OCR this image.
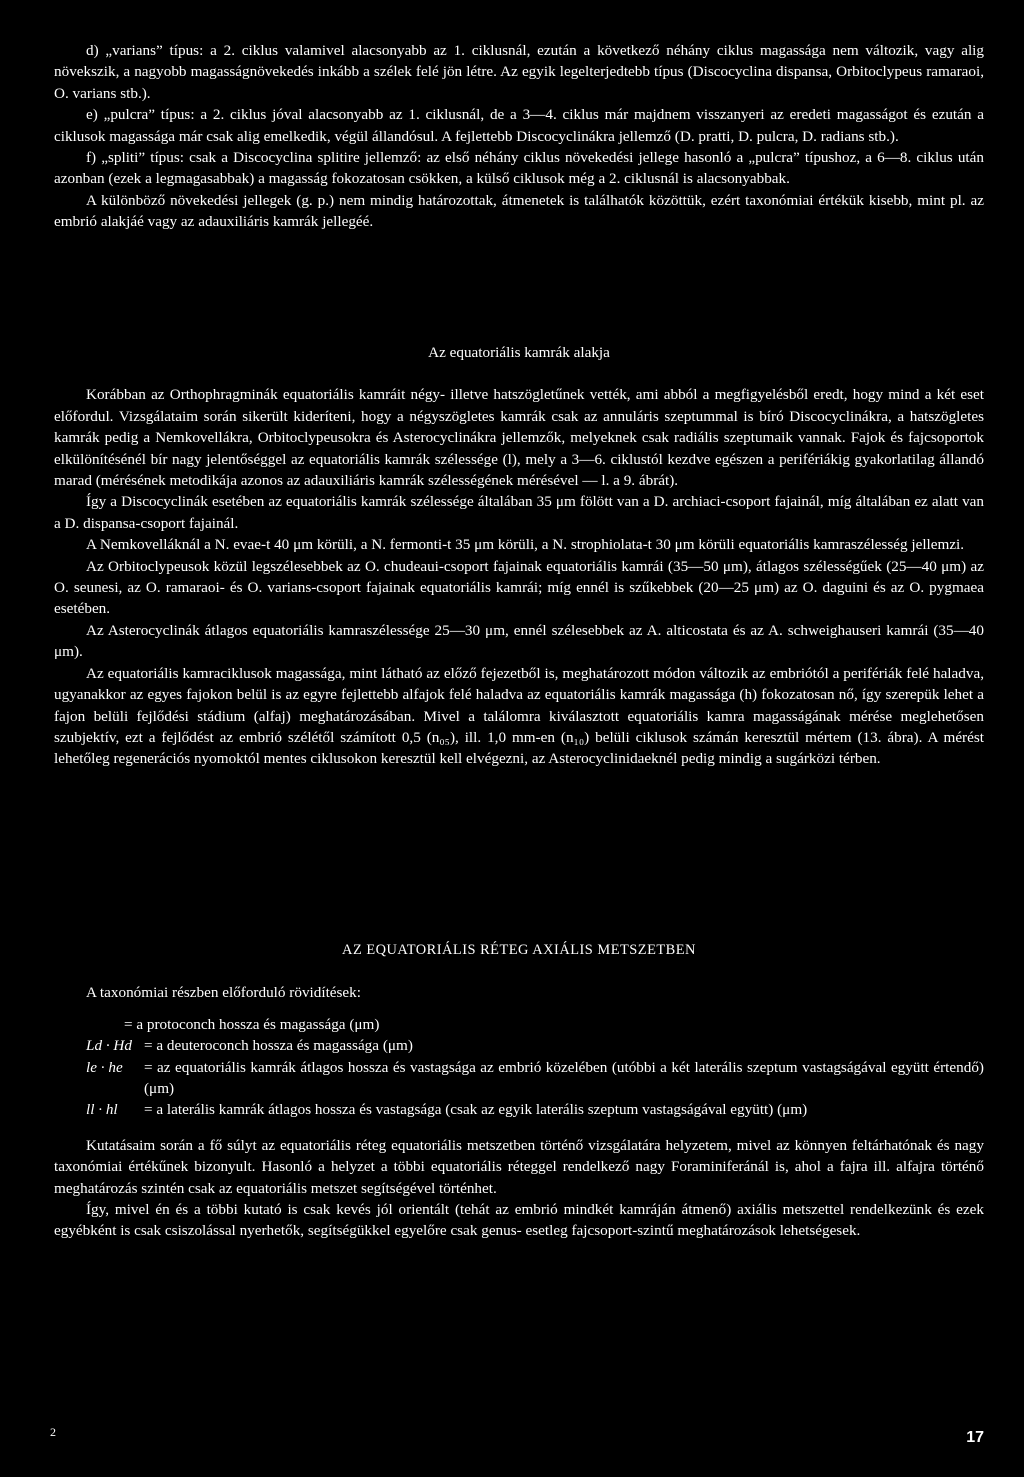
d) „varians” típus: a 2. ciklus valamivel alacsonyabb az 1. ciklusnál, ezután a következő néhány ciklus magassága nem változik, vagy alig növekszik, a nagyobb magasságnövekedés inkább a szélek felé jön létre. Az egyik legelterjedtebb típus (Discocyclina dispansa, Orbitoclypeus ramaraoi, O. varians stb.).

e) „pulcra” típus: a 2. ciklus jóval alacsonyabb az 1. ciklusnál, de a 3—4. ciklus már majdnem visszanyeri az eredeti magasságot és ezután a ciklusok magassága már csak alig emelkedik, végül állandósul. A fejlettebb Discocyclinákra jellemző (D. pratti, D. pulcra, D. radians stb.).

f) „spliti” típus: csak a Discocyclina splitire jellemző: az első néhány ciklus növekedési jellege hasonló a „pulcra” típushoz, a 6—8. ciklus után azonban (ezek a legmagasabbak) a magasság fokozatosan csökken, a külső ciklusok még a 2. ciklusnál is alacsonyabbak.

A különböző növekedési jellegek (g. p.) nem mindig határozottak, átmenetek is találhatók közöttük, ezért taxonómiai értékük kisebb, mint pl. az embrió alakjáé vagy az adauxiliáris kamrák jellegéé.

Az equatoriális kamrák alakja

Korábban az Orthophragminák equatoriális kamráit négy- illetve hatszögletűnek vették, ami abból a megfigyelésből eredt, hogy mind a két eset előfordul. Vizsgálataim során sikerült kideríteni, hogy a négyszögletes kamrák csak az annuláris szeptummal is bíró Discocyclinákra, a hatszögletes kamrák pedig a Nemkovellákra, Orbitoclypeusokra és Asterocyclinákra jellemzők, melyeknek csak radiális szeptumaik vannak. Fajok és fajcsoportok elkülönítésénél bír nagy jelentőséggel az equatoriális kamrák szélessége (l), mely a 3—6. ciklustól kezdve egészen a perifériákig gyakorlatilag állandó marad (mérésének metodikája azonos az adauxiliáris kamrák szélességének mérésével — l. a 9. ábrát).

Így a Discocyclinák esetében az equatoriális kamrák szélessége általában 35 μm fölött van a D. archiaci-csoport fajainál, míg általában ez alatt van a D. dispansa-csoport fajainál.

A Nemkovelláknál a N. evae-t 40 μm körüli, a N. fermonti-t 35 μm körüli, a N. strophiolata-t 30 μm körüli equatoriális kamraszélesség jellemzi.

Az Orbitoclypeusok közül legszélesebbek az O. chudeaui-csoport fajainak equatoriális kamrái (35—50 μm), átlagos szélességűek (25—40 μm) az O. seunesi, az O. ramaraoi- és O. varians-csoport fajainak equatoriális kamrái; míg ennél is szűkebbek (20—25 μm) az O. daguini és az O. pygmaea esetében.

Az Asterocyclinák átlagos equatoriális kamraszélessége 25—30 μm, ennél szélesebbek az A. alticostata és az A. schweighauseri kamrái (35—40 μm).

Az equatoriális kamraciklusok magassága, mint látható az előző fejezetből is, meghatározott módon változik az embriótól a perifériák felé haladva, ugyanakkor az egyes fajokon belül is az egyre fejlettebb alfajok felé haladva az equatoriális kamrák magassága (h) fokozatosan nő, így szerepük lehet a fajon belüli fejlődési stádium (alfaj) meghatározásában. Mivel a találomra kiválasztott equatoriális kamra magasságának mérése meglehetősen szubjektív, ezt a fejlődést az embrió szélétől számított 0,5 (n₀₅), ill. 1,0 mm-en (n₁₀) belüli ciklusok számán keresztül mértem (13. ábra). A mérést lehetőleg regenerációs nyomoktól mentes ciklusokon keresztül kell elvégezni, az Asterocyclinidaeknél pedig mindig a sugárközi térben.

AZ EQUATORIÁLIS RÉTEG AXIÁLIS METSZETBEN

A taxonómiai részben előforduló rövidítések:

= a protoconch hossza és magassága (μm)
Ld · Hd = a deuteroconch hossza és magassága (μm)
le · he	= az equatoriális kamrák átlagos hossza és vastagsága az embrió közelében (utóbbi a két laterális szeptum vastagságával együtt értendő) (μm)
ll · hl	= a laterális kamrák átlagos hossza és vastagsága (csak az egyik laterális szeptum vastagságával együtt) (μm)

Kutatásaim során a fő súlyt az equatoriális réteg equatoriális metszetben történő vizsgálatára helyzetem, mivel az könnyen feltárhatónak és nagy taxonómiai értékűnek bizonyult. Hasonló a helyzet a többi equatoriális réteggel rendelkező nagy Foraminiferánál is, ahol a fajra ill. alfajra történő meghatározás szintén csak az equatoriális metszet segítségével történhet.

Így, mivel én és a többi kutató is csak kevés jól orientált (tehát az embrió mindkét kamráján átmenő) axiális metszettel rendelkezünk és ezek egyébként is csak csiszolással nyerhetők, segítségükkel egyelőre csak genus- esetleg fajcsoport-szintű meghatározások lehetségesek.

2	17
